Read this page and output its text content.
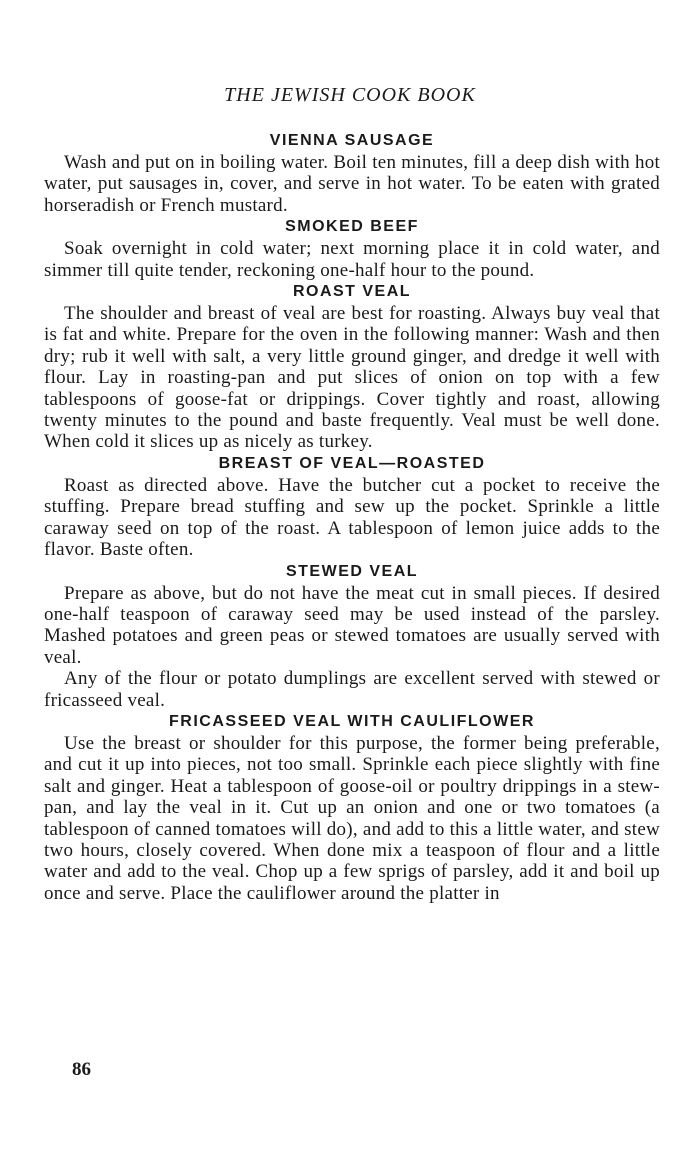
THE JEWISH COOK BOOK
VIENNA SAUSAGE

Wash and put on in boiling water. Boil ten minutes, fill a deep dish with hot water, put sausages in, cover, and serve in hot water. To be eaten with grated horseradish or French mustard.

SMOKED BEEF

Soak overnight in cold water; next morning place it in cold water, and simmer till quite tender, reckoning one-half hour to the pound.

ROAST VEAL

The shoulder and breast of veal are best for roasting. Always buy veal that is fat and white. Prepare for the oven in the following manner: Wash and then dry; rub it well with salt, a very little ground ginger, and dredge it well with flour. Lay in roasting-pan and put slices of onion on top with a few tablespoons of goose-fat or drippings. Cover tightly and roast, allowing twenty minutes to the pound and baste frequently. Veal must be well done. When cold it slices up as nicely as turkey.

BREAST OF VEAL—ROASTED

Roast as directed above. Have the butcher cut a pocket to receive the stuffing. Prepare bread stuffing and sew up the pocket. Sprinkle a little caraway seed on top of the roast. A tablespoon of lemon juice adds to the flavor. Baste often.

STEWED VEAL

Prepare as above, but do not have the meat cut in small pieces. If desired one-half teaspoon of caraway seed may be used instead of the parsley. Mashed potatoes and green peas or stewed tomatoes are usually served with veal.

Any of the flour or potato dumplings are excellent served with stewed or fricasseed veal.

FRICASSEED VEAL WITH CAULIFLOWER

Use the breast or shoulder for this purpose, the former being preferable, and cut it up into pieces, not too small. Sprinkle each piece slightly with fine salt and ginger. Heat a tablespoon of goose-oil or poultry drippings in a stew-pan, and lay the veal in it. Cut up an onion and one or two tomatoes (a tablespoon of canned tomatoes will do), and add to this a little water, and stew two hours, closely covered. When done mix a teaspoon of flour and a little water and add to the veal. Chop up a few sprigs of parsley, add it and boil up once and serve. Place the cauliflower around the platter in

86
